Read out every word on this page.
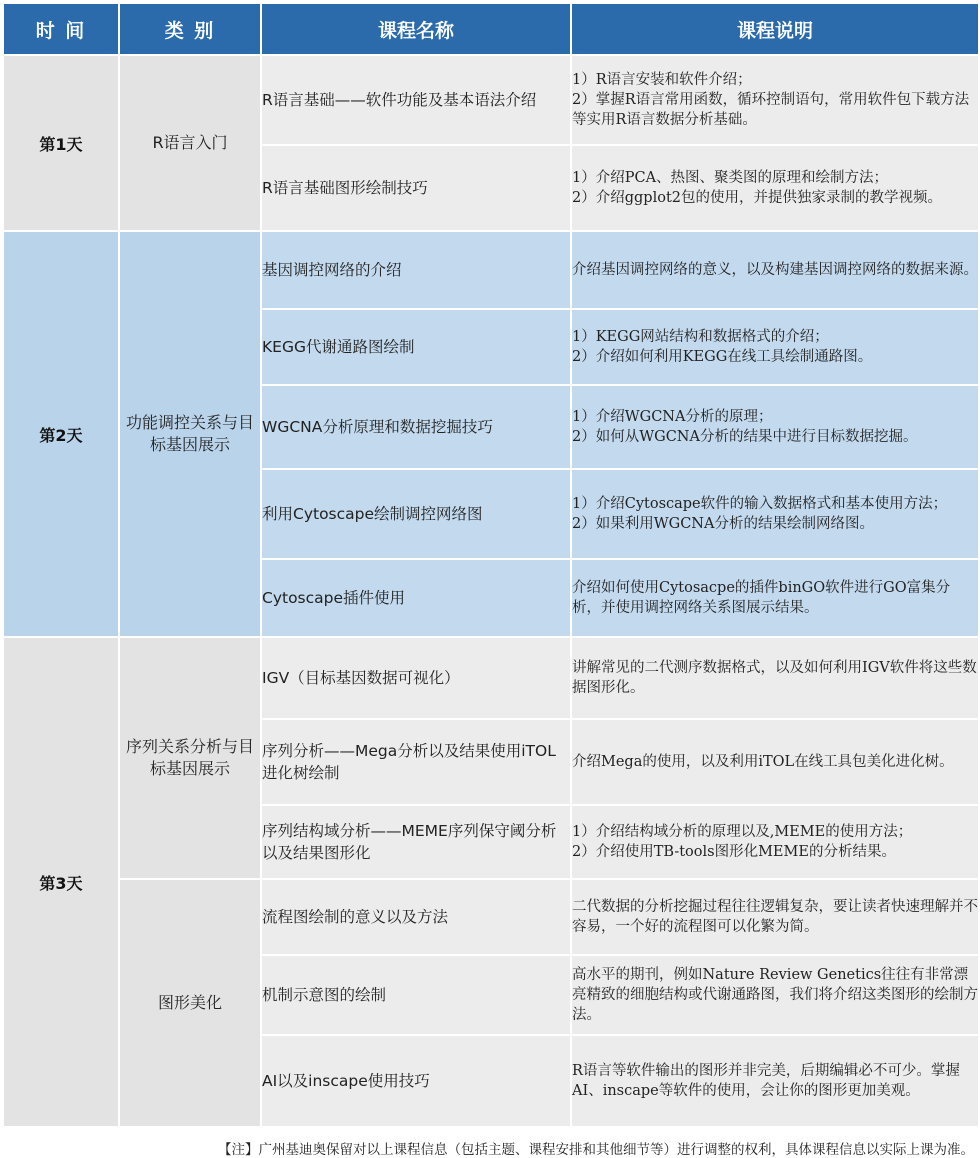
时 间	类 别	课程名称	课程说明
第1天	R语言入门	R语言基础——软件功能及基本语法介绍	1）R语言安装和软件介绍；
2）掌握R语言常用函数，循环控制语句，常用软件包下载方法等实用R语言数据分析基础。

		R语言基础图形绘制技巧	1）介绍PCA、热图、聚类图的原理和绘制方法；
2）介绍ggplot2包的使用，并提供独家录制的教学视频。

第2天	功能调控关系与目标基因展示	基因调控网络的介绍	介绍基因调控网络的意义，以及构建基因调控网络的数据来源。

		KEGG代谢通路图绘制	1）KEGG网站结构和数据格式的介绍；
2）介绍如何利用KEGG在线工具绘制通路图。

		WGCNA分析原理和数据挖掘技巧	1）介绍WGCNA分析的原理；
2）如何从WGCNA分析的结果中进行目标数据挖掘。

		利用Cytoscape绘制调控网络图	1）介绍Cytoscape软件的输入数据格式和基本使用方法；
2）如果利用WGCNA分析的结果绘制网络图。

		Cytoscape插件使用	介绍如何使用Cytosacpe的插件binGO软件进行GO富集分析，并使用调控网络关系图展示结果。

第3天	序列关系分析与目标基因展示	IGV（目标基因数据可视化）	讲解常见的二代测序数据格式，以及如何利用IGV软件将这些数据图形化。

		序列分析——Mega分析以及结果使用iTOL进化树绘制	介绍Mega的使用，以及利用iTOL在线工具包美化进化树。

		序列结构域分析——MEME序列保守阈分析以及结果图形化	1）介绍结构域分析的原理以及,MEME的使用方法；
2）介绍使用TB-tools图形化MEME的分析结果。

	图形美化	流程图绘制的意义以及方法	二代数据的分析挖掘过程往往逻辑复杂，要让读者快速理解并不容易，一个好的流程图可以化繁为简。

		机制示意图的绘制	高水平的期刊，例如Nature Review Genetics往往有非常漂亮精致的细胞结构或代谢通路图，我们将介绍这类图形的绘制方法。

		AI以及inscape使用技巧	R语言等软件输出的图形并非完美，后期编辑必不可少。掌握AI、inscape等软件的使用，会让你的图形更加美观。
【注】广州基迪奥保留对以上课程信息（包括主题、课程安排和其他细节等）进行调整的权利，具体课程信息以实际上课为准。
